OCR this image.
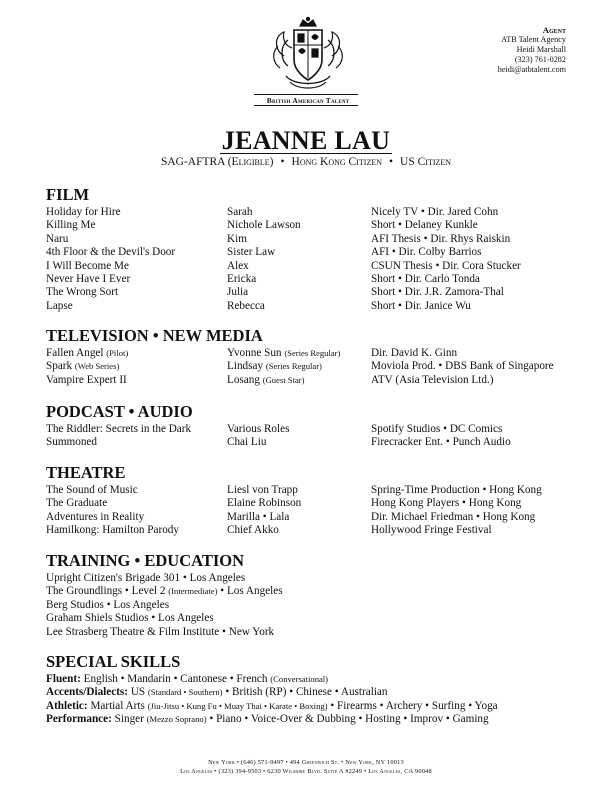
British American Talent
Agent
ATB Talent Agency
Heidi Marshall
(323) 761-0282
heidi@atbtalent.com
JEANNE LAU
SAG-AFTRA (Eligible) • Hong Kong Citizen • US Citizen
FILM
Holiday for Hire	Sarah	Nicely TV • Dir. Jared Cohn
Killing Me	Nichole Lawson	Short • Delaney Kunkle
Naru	Kim	AFI Thesis • Dir. Rhys Raiskin
4th Floor & the Devil's Door	Sister Law	AFI • Dir. Colby Barrios
I Will Become Me	Alex	CSUN Thesis • Dir. Cora Stucker
Never Have I Ever	Ericka	Short • Dir. Carlo Tonda
The Wrong Sort	Julia	Short • Dir. J.R. Zamora-Thal
Lapse	Rebecca	Short • Dir. Janice Wu
TELEVISION • NEW MEDIA
Fallen Angel (Pilot)	Yvonne Sun (Series Regular)	Dir. David K. Ginn
Spark (Web Series)	Lindsay (Series Regular)	Moviola Prod. • DBS Bank of Singapore
Vampire Expert II	Losang (Guest Star)	ATV (Asia Television Ltd.)
PODCAST • AUDIO
The Riddler: Secrets in the Dark	Various Roles	Spotify Studios • DC Comics
Summoned	Chai Liu	Firecracker Ent. • Punch Audio
THEATRE
The Sound of Music	Liesl von Trapp	Spring-Time Production • Hong Kong
The Graduate	Elaine Robinson	Hong Kong Players • Hong Kong
Adventures in Reality	Marilla • Lala	Dir. Michael Friedman • Hong Kong
Hamilkong: Hamilton Parody	Chief Akko	Hollywood Fringe Festival
TRAINING • EDUCATION
Upright Citizen's Brigade 301 • Los Angeles
The Groundlings • Level 2 (Intermediate) • Los Angeles
Berg Studios • Los Angeles
Graham Shiels Studios • Los Angeles
Lee Strasberg Theatre & Film Institute • New York
SPECIAL SKILLS
Fluent: English • Mandarin • Cantonese • French (Conversational)
Accents/Dialects: US (Standard • Southern) • British (RP) • Chinese • Australian
Athletic: Martial Arts (Jiu-Jitsu • Kung Fu • Muay Thai • Karate • Boxing) • Firearms • Archery • Surfing • Yoga
Performance: Singer (Mezzo Soprano) • Piano • Voice-Over & Dubbing • Hosting • Improv • Gaming
New York • (646) 571-9497 • 494 Greenwich St. • New York, NY 10013
Los Angeles • (323) 394-9503 • 6230 Wilshire Blvd. Suite A #2249 • Los Angeles, CA 90048
